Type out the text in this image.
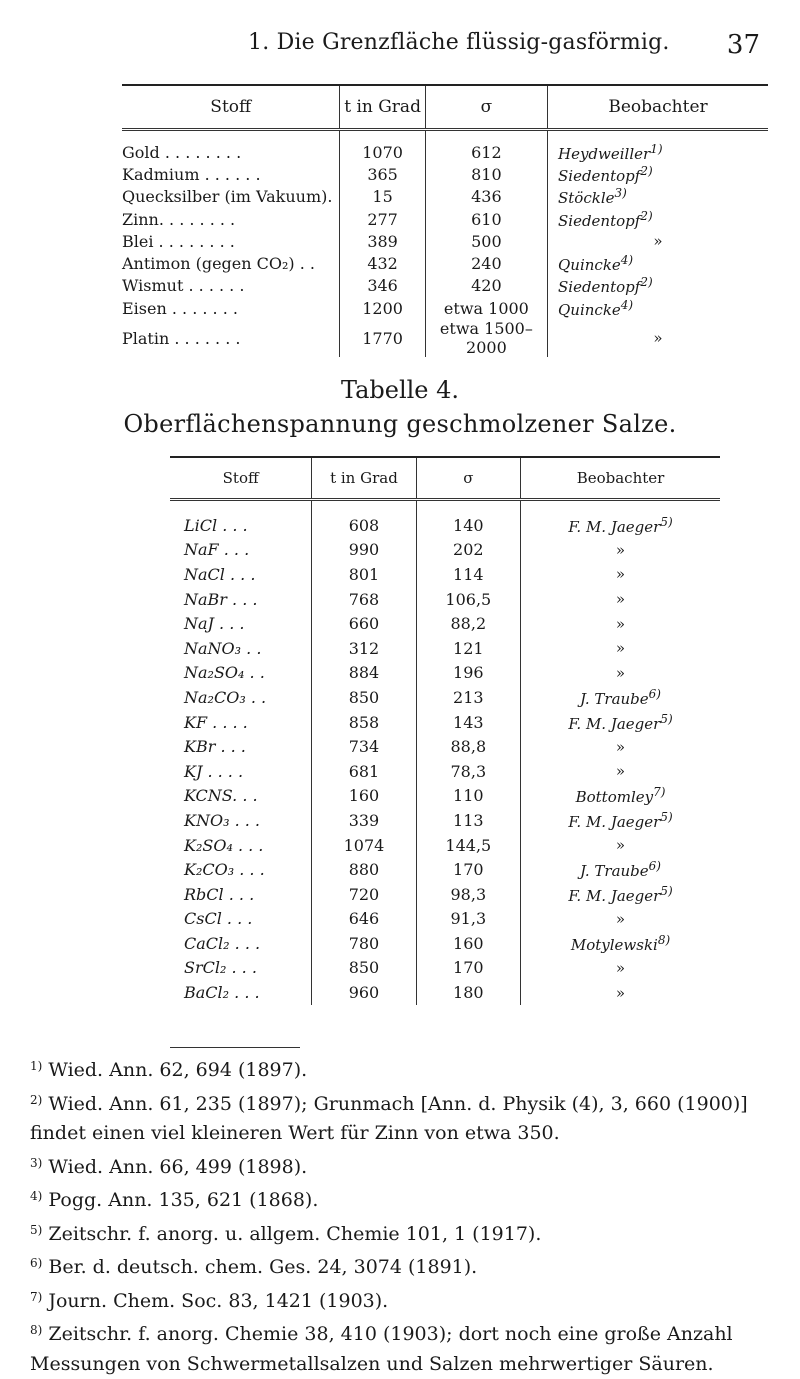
1. Die Grenzfläche flüssig-gasförmig. 37
Stoff	t in Grad	σ	Beobachter
Gold . . . . . . . .	1070	612	Heydweiller$^{1)}$
Kadmium . . . . . .	365	810	Siedentopf$^{2)}$
Quecksilber (im Vakuum).	15	436	Stöckle$^{3)}$
Zinn. . . . . . . .	277	610	Siedentopf$^{2)}$
Blei . . . . . . . .	389	500	»
Antimon (gegen CO₂) . .	432	240	Quincke$^{4)}$
Wismut . . . . . .	346	420	Siedentopf$^{2)}$
Eisen . . . . . . .	1200	etwa 1000	Quincke$^{4)}$
Platin . . . . . . .	1770	etwa 1500–2000	»
Tabelle 4.
Oberflächenspannung geschmolzener Salze.
Stoff	t in Grad	σ	Beobachter
LiCl . . .	608	140	F. M. Jaeger$^{5)}$
NaF . . .	990	202	»
NaCl . . .	801	114	»
NaBr . . .	768	106,5	»
NaJ . . .	660	88,2	»
NaNO₃ . .	312	121	»
Na₂SO₄ . .	884	196	»
Na₂CO₃ . .	850	213	J. Traube$^{6)}$
KF . . . .	858	143	F. M. Jaeger$^{5)}$
KBr . . .	734	88,8	»
KJ . . . .	681	78,3	»
KCNS. . .	160	110	Bottomley$^{7)}$
KNO₃ . . .	339	113	F. M. Jaeger$^{5)}$
K₂SO₄ . . .	1074	144,5	»
K₂CO₃ . . .	880	170	J. Traube$^{6)}$
RbCl . . .	720	98,3	F. M. Jaeger$^{5)}$
CsCl . . .	646	91,3	»
CaCl₂ . . .	780	160	Motylewski$^{8)}$
SrCl₂ . . .	850	170	»
BaCl₂ . . .	960	180	»
$^{1)}$ Wied. Ann. 62, 694 (1897).
$^{2)}$ Wied. Ann. 61, 235 (1897); Grunmach [Ann. d. Physik (4), 3, 660 (1900)] findet einen viel kleineren Wert für Zinn von etwa 350.
$^{3)}$ Wied. Ann. 66, 499 (1898).
$^{4)}$ Pogg. Ann. 135, 621 (1868).
$^{5)}$ Zeitschr. f. anorg. u. allgem. Chemie 101, 1 (1917).
$^{6)}$ Ber. d. deutsch. chem. Ges. 24, 3074 (1891).
$^{7)}$ Journ. Chem. Soc. 83, 1421 (1903).
$^{8)}$ Zeitschr. f. anorg. Chemie 38, 410 (1903); dort noch eine große Anzahl Messungen von Schwermetallsalzen und Salzen mehrwertiger Säuren.
